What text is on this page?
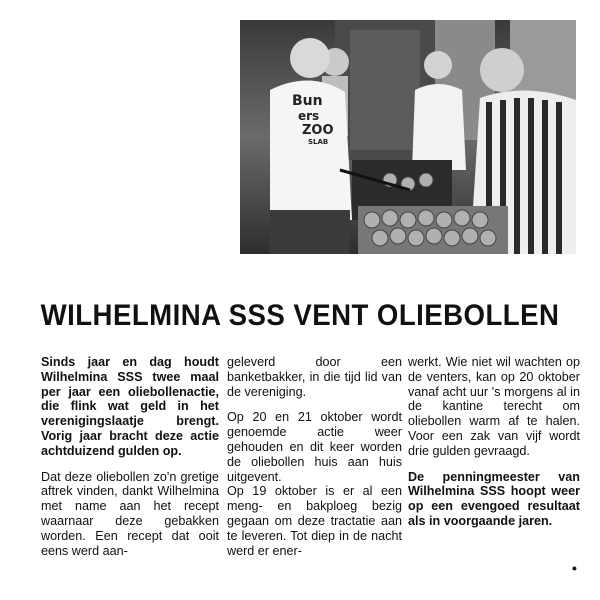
Bun
ers
ZOO
SLAB
WILHELMINA SSS VENT OLIEBOLLEN

Sinds jaar en dag houdt Wilhelmina SSS twee maal per jaar een oliebollenactie, die flink wat geld in het verenigingslaatje brengt. Vorig jaar bracht deze actie achtduizend gulden op.

Dat deze oliebollen zo'n gretige aftrek vinden, dankt Wilhelmina met name aan het recept waarnaar deze gebakken worden. Een recept dat ooit eens werd aan-

geleverd door een banketbakker, in die tijd lid van de vereniging.

Op 20 en 21 oktober wordt genoemde actie weer gehouden en dit keer worden de oliebollen huis aan huis uitgevent.

Op 19 oktober is er al een meng- en bakploeg bezig gegaan om deze tractatie aan te leveren. Tot diep in de nacht werd er ener-

werkt. Wie niet wil wachten op de venters, kan op 20 oktober vanaf acht uur 's morgens al in de kantine terecht om oliebollen warm af te halen. Voor een zak van vijf wordt drie gulden gevraagd.

De penningmeester van Wilhelmina SSS hoopt weer op een evengoed resultaat als in voorgaande jaren.

•
